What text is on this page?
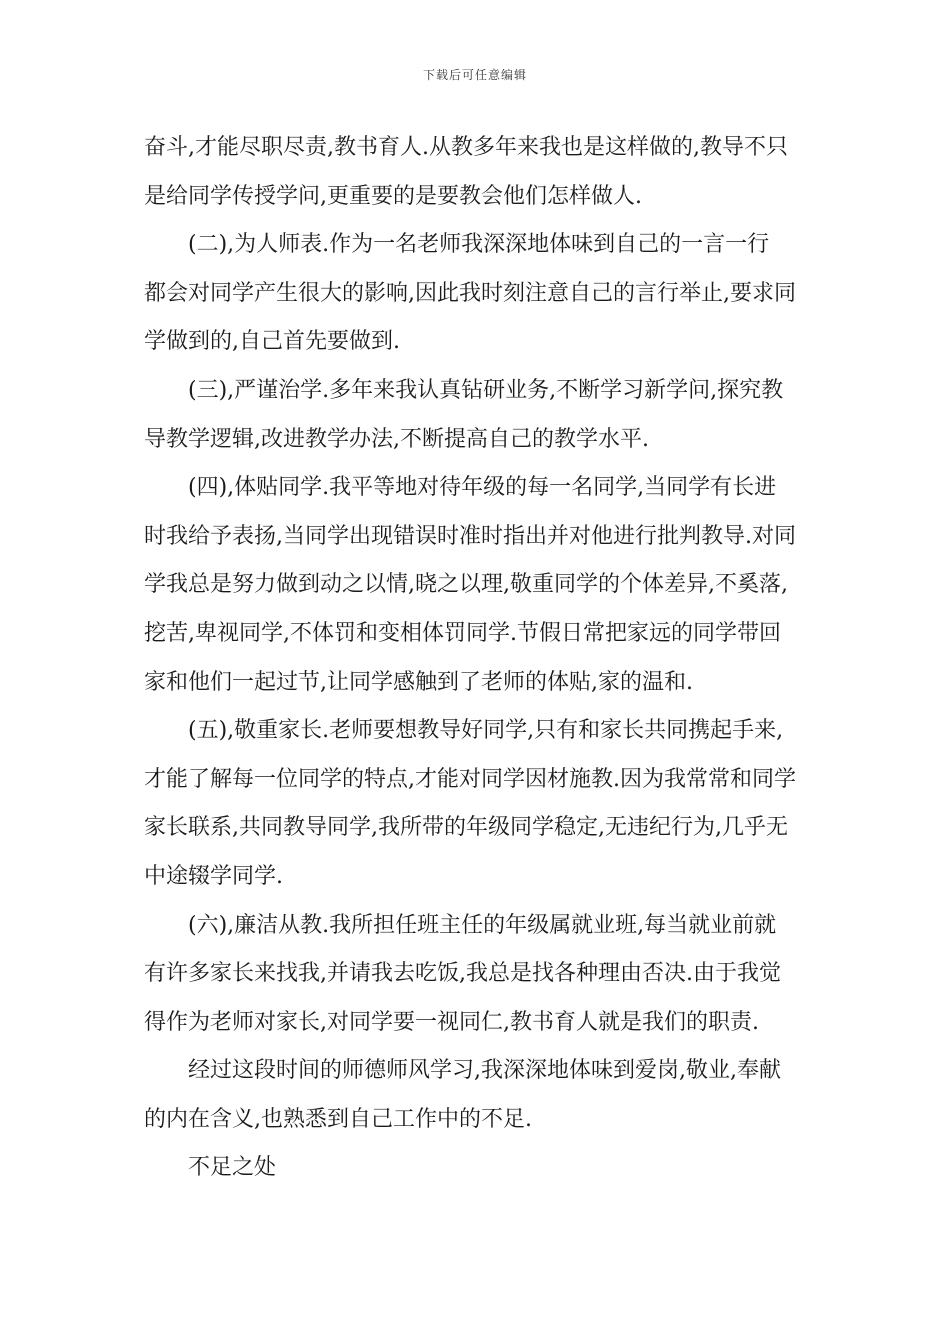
下载后可任意编辑

奋斗,才能尽职尽责,教书育人.从教多年来我也是这样做的,教导不只
是给同学传授学问,更重要的是要教会他们怎样做人.

(二),为人师表.作为一名老师我深深地体味到自己的一言一行
都会对同学产生很大的影响,因此我时刻注意自己的言行举止,要求同
学做到的,自己首先要做到.

(三),严谨治学.多年来我认真钻研业务,不断学习新学问,探究教
导教学逻辑,改进教学办法,不断提高自己的教学水平.

(四),体贴同学.我平等地对待年级的每一名同学,当同学有长进
时我给予表扬,当同学出现错误时准时指出并对他进行批判教导.对同
学我总是努力做到动之以情,晓之以理,敬重同学的个体差异,不奚落,
挖苦,卑视同学,不体罚和变相体罚同学.节假日常把家远的同学带回
家和他们一起过节,让同学感触到了老师的体贴,家的温和.

(五),敬重家长.老师要想教导好同学,只有和家长共同携起手来,
才能了解每一位同学的特点,才能对同学因材施教.因为我常常和同学
家长联系,共同教导同学,我所带的年级同学稳定,无违纪行为,几乎无
中途辍学同学.

(六),廉洁从教.我所担任班主任的年级属就业班,每当就业前就
有许多家长来找我,并请我去吃饭,我总是找各种理由否决.由于我觉
得作为老师对家长,对同学要一视同仁,教书育人就是我们的职责.

经过这段时间的师德师风学习,我深深地体味到爱岗,敬业,奉献
的内在含义,也熟悉到自己工作中的不足.

不足之处
